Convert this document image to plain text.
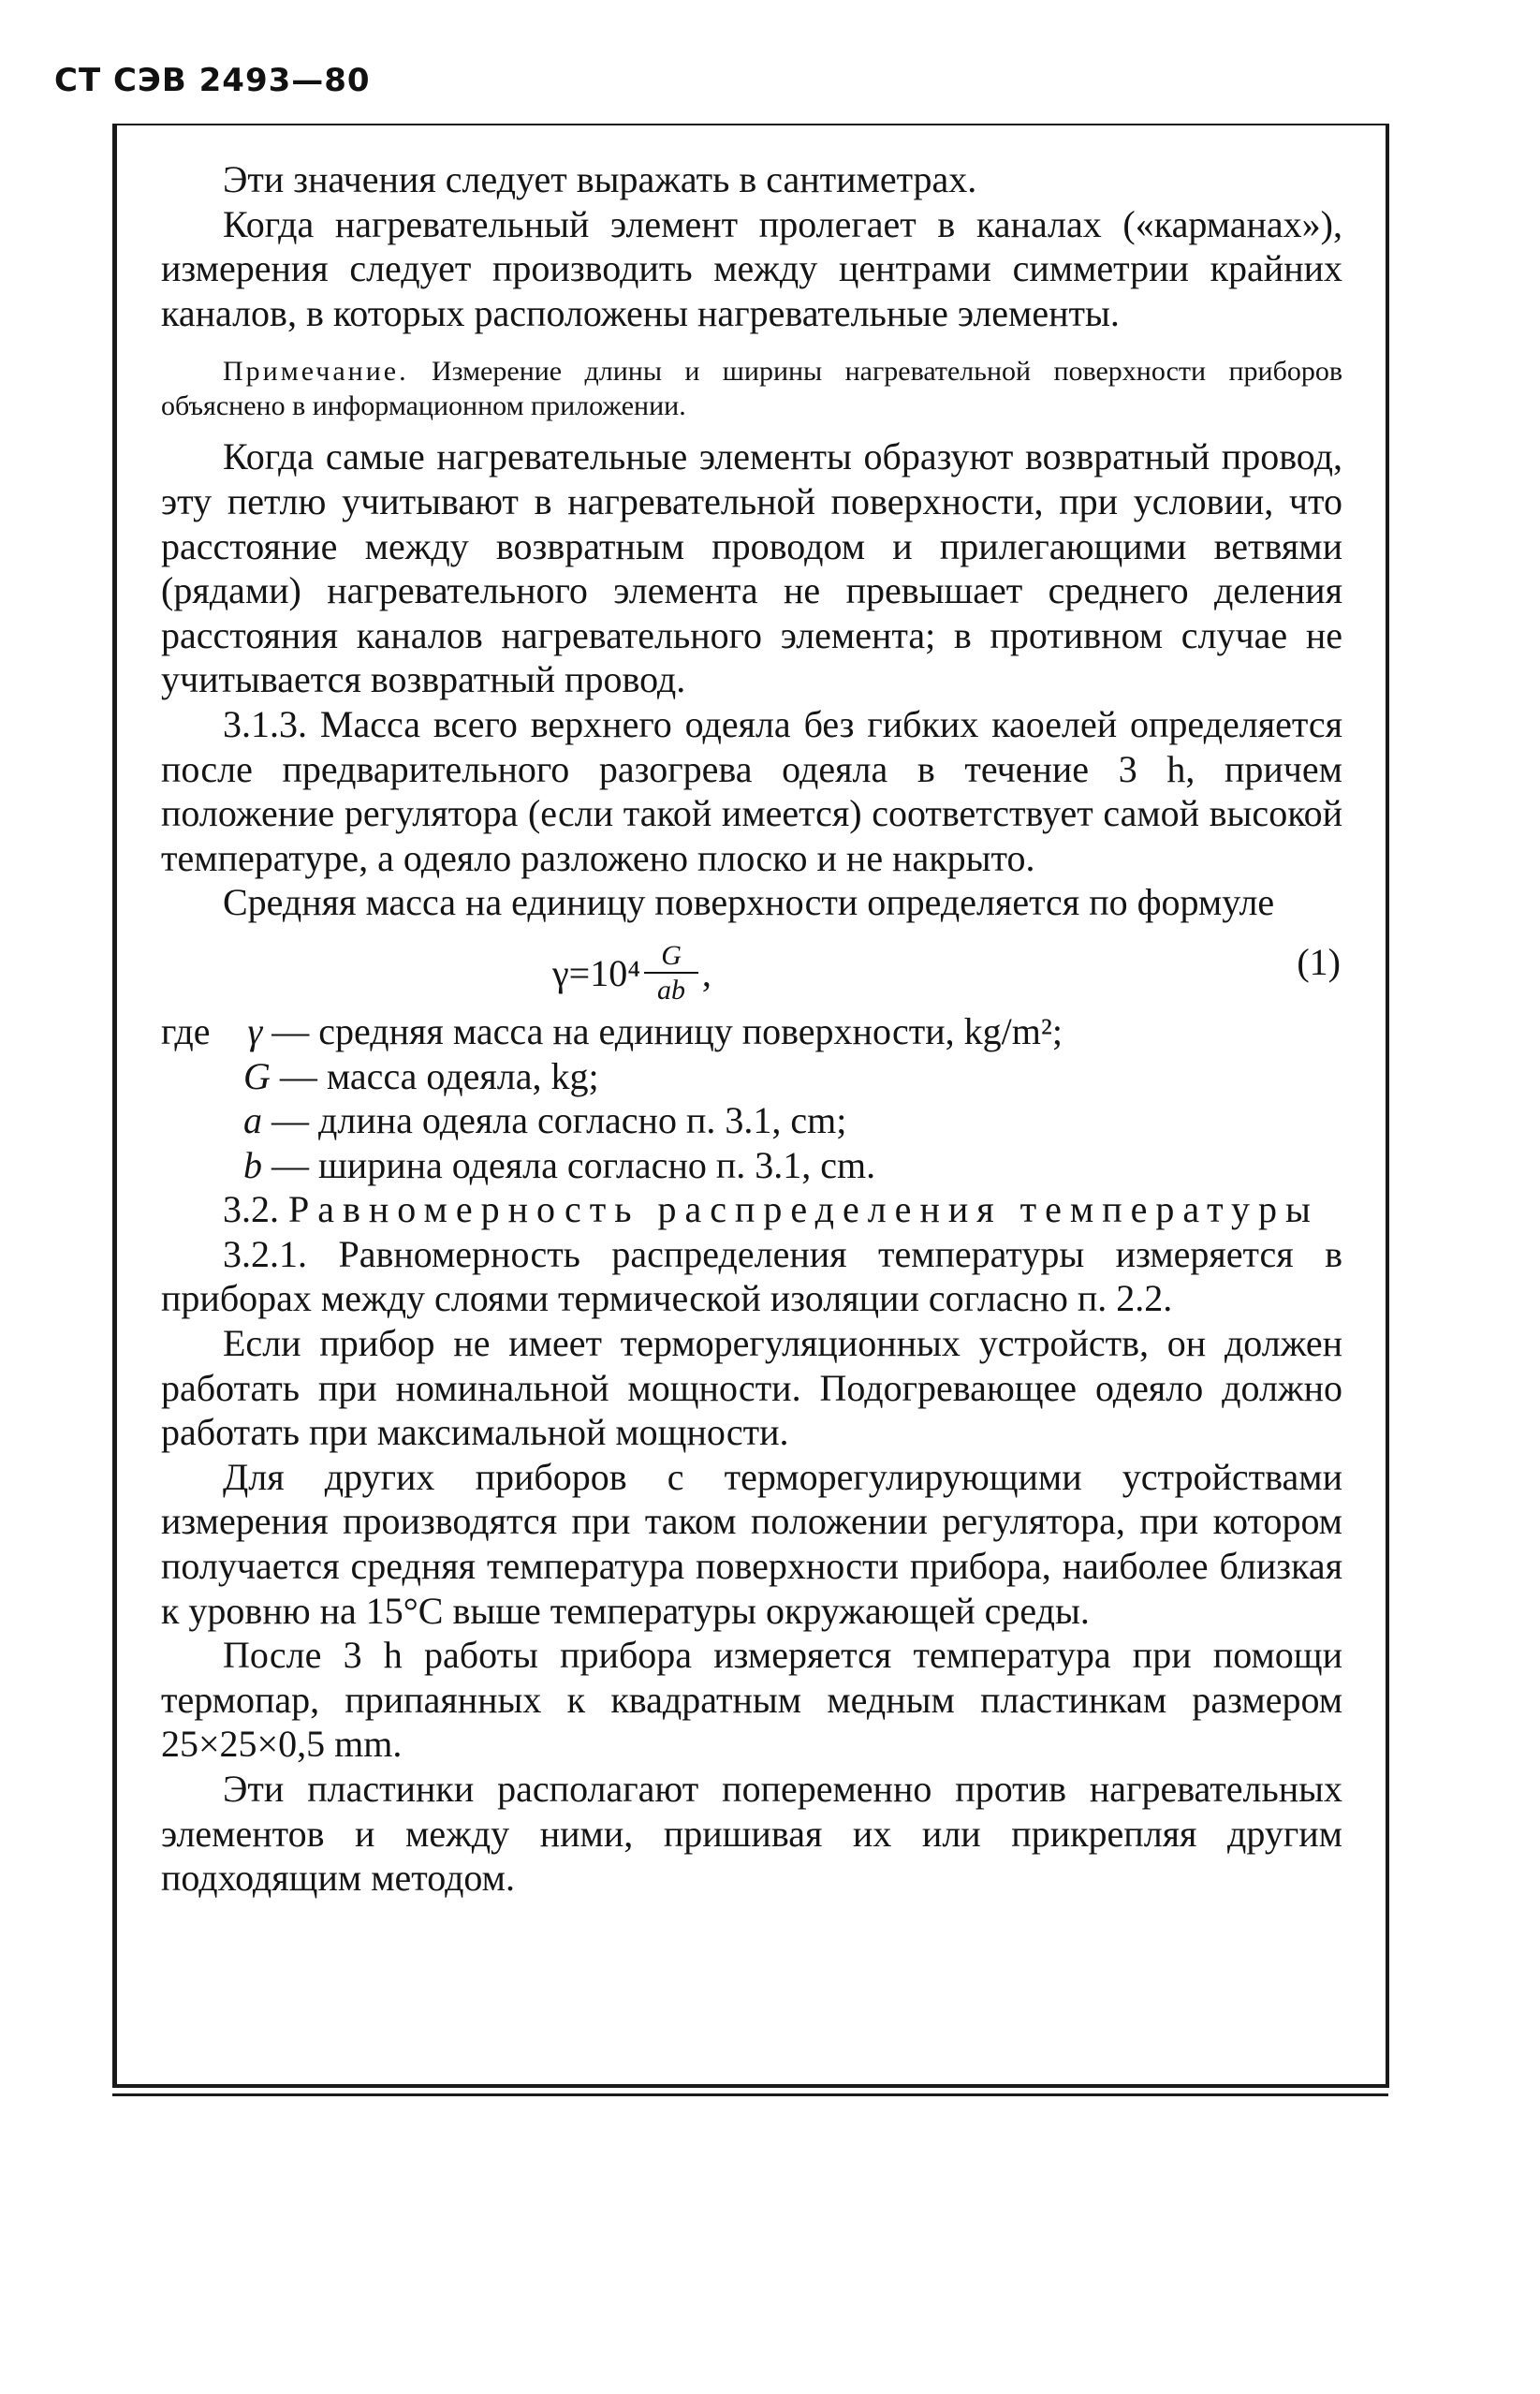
СТ СЭВ 2493—80

Эти значения следует выражать в сантиметрах.

Когда нагревательный элемент пролегает в каналах («карманах»), измерения следует производить между центрами симметрии крайних каналов, в которых расположены нагревательные элементы.

Примечание. Измерение длины и ширины нагревательной поверхности приборов объяснено в информационном приложении.

Когда самые нагревательные элементы образуют возвратный провод, эту петлю учитывают в нагревательной поверхности, при условии, что расстояние между возвратным проводом и прилегающими ветвями (рядами) нагревательного элемента не превышает среднего деления расстояния каналов нагревательного элемента; в противном случае не учитывается возвратный провод.

3.1.3. Масса всего верхнего одеяла без гибких каоелей определяется после предварительного разогрева одеяла в течение 3 h, причем положение регулятора (если такой имеется) соответствует самой высокой температуре, а одеяло разложено плоско и не накрыто.

Средняя масса на единицу поверхности определяется по формуле

$\gamma=10^4 \frac{G}{ab}$ ,	(1)
где γ — средняя масса на единицу поверхности, kg/m²;
G — масса одеяла, kg;
a — длина одеяла согласно п. 3.1, cm;
b — ширина одеяла согласно п. 3.1, cm.

3.2. Равномерность распределения температуры

3.2.1. Равномерность распределения температуры измеряется в приборах между слоями термической изоляции согласно п. 2.2.

Если прибор не имеет терморегуляционных устройств, он должен работать при номинальной мощности. Подогревающее одеяло должно работать при максимальной мощности.

Для других приборов с терморегулирующими устройствами измерения производятся при таком положении регулятора, при котором получается средняя температура поверхности прибора, наиболее близкая к уровню на 15°C выше температуры окружающей среды.

После 3 h работы прибора измеряется температура при помощи термопар, припаянных к квадратным медным пластинкам размером 25×25×0,5 mm.

Эти пластинки располагают попеременно против нагревательных элементов и между ними, пришивая их или прикрепляя другим подходящим методом.
